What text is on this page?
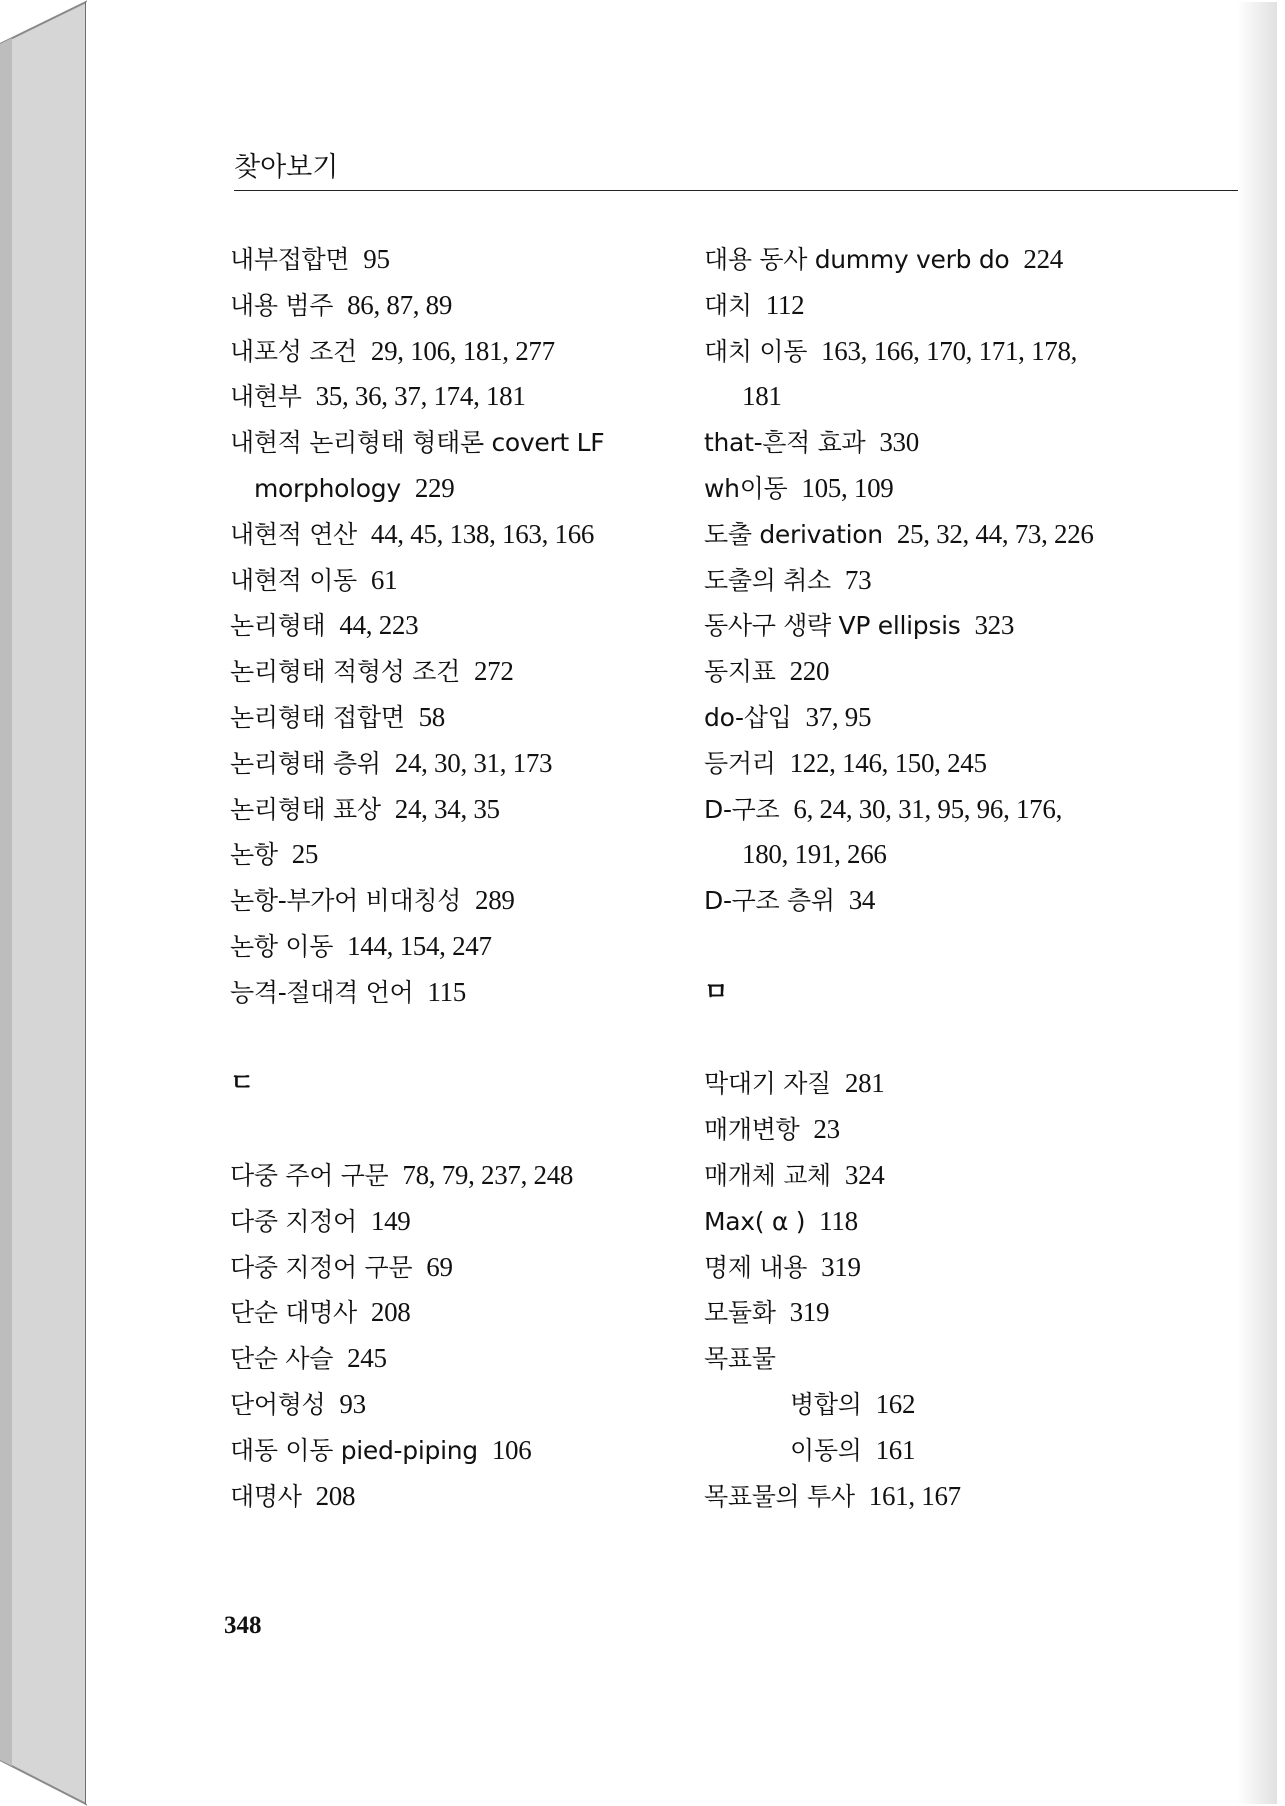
찾아보기
내부접합면 95
내용 범주 86, 87, 89
내포성 조건 29, 106, 181, 277
내현부 35, 36, 37, 174, 181
내현적 논리형태 형태론 covert LF
morphology 229
내현적 연산 44, 45, 138, 163, 166
내현적 이동 61
논리형태 44, 223
논리형태 적형성 조건 272
논리형태 접합면 58
논리형태 층위 24, 30, 31, 173
논리형태 표상 24, 34, 35
논항 25
논항-부가어 비대칭성 289
논항 이동 144, 154, 247
능격-절대격 언어 115
ㄷ
다중 주어 구문 78, 79, 237, 248
다중 지정어 149
다중 지정어 구문 69
단순 대명사 208
단순 사슬 245
단어형성 93
대동 이동 pied-piping 106
대명사 208
대용 동사 dummy verb do 224
대치 112
대치 이동 163, 166, 170, 171, 178,
181
that-흔적 효과 330
wh이동 105, 109
도출 derivation 25, 32, 44, 73, 226
도출의 취소 73
동사구 생략 VP ellipsis 323
동지표 220
do-삽입 37, 95
등거리 122, 146, 150, 245
D-구조 6, 24, 30, 31, 95, 96, 176,
180, 191, 266
D-구조 층위 34
ㅁ
막대기 자질 281
매개변항 23
매개체 교체 324
Max( α ) 118
명제 내용 319
모듈화 319
목표물
병합의 162
이동의 161
목표물의 투사 161, 167
348
